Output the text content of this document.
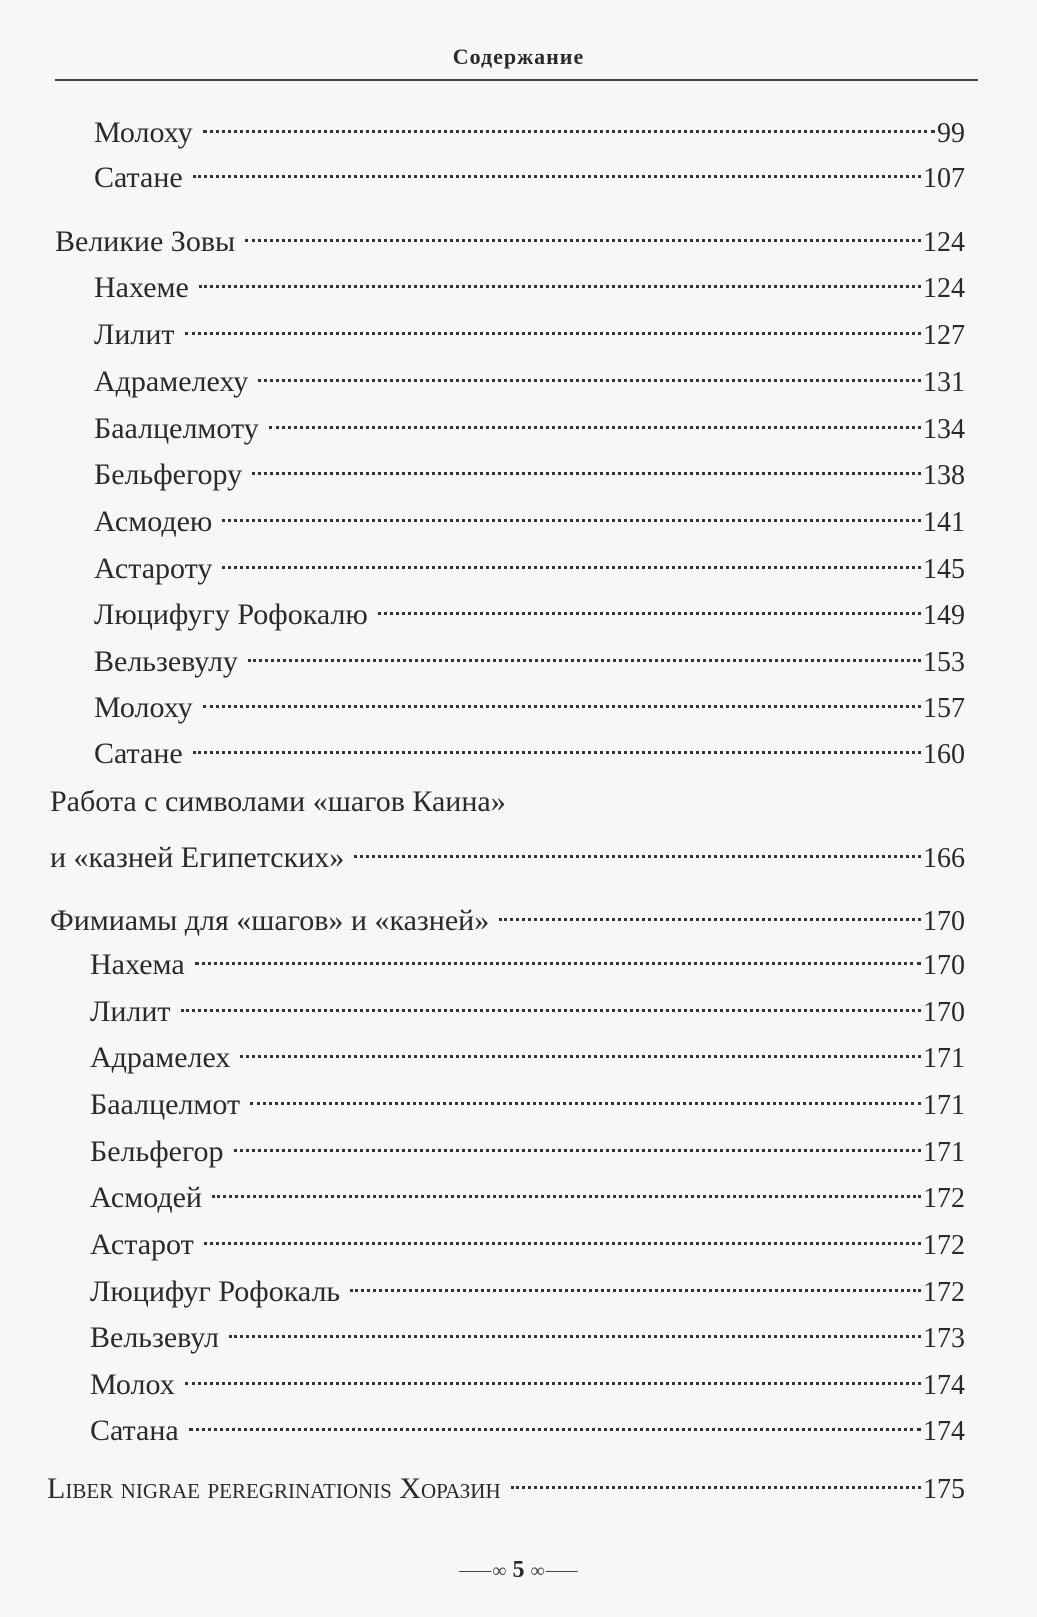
Содержание
Молоху	99
Сатане	107
Великие Зовы	124
Нахеме	124
Лилит	127
Адрамелеху	131
Баалцелмоту	134
Бельфегору	138
Асмодею	141
Астароту	145
Люцифугу Рофокалю	149
Вельзевулу	153
Молоху	157
Сатане	160
Работа с символами «шагов Каина»
и «казней Египетских»	166
Фимиамы для «шагов» и «казней»	170
Нахема	170
Лилит	170
Адрамелех	171
Баалцелмот	171
Бельфегор	171
Асмодей	172
Астарот	172
Люцифуг Рофокаль	172
Вельзевул	173
Молох	174
Сатана	174
Liber nigrae peregrinationis Хоразин	175
⸺∞ 5 ∞⸺
